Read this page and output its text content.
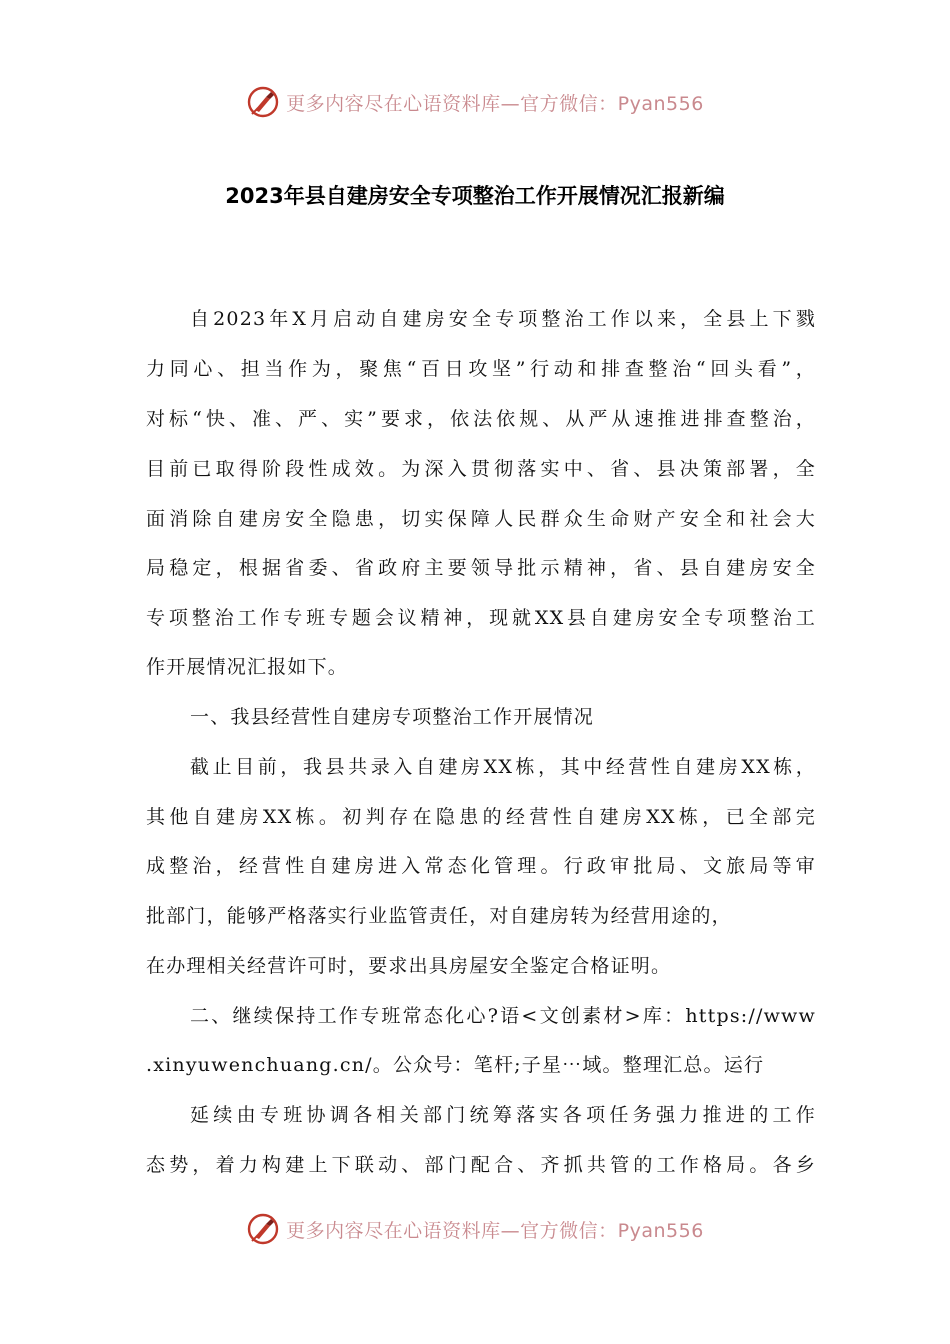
更多内容尽在心语资料库—官方微信：Pyan556
2023年县自建房安全专项整治工作开展情况汇报新编
自2023年X月启动自建房安全专项整治工作以来，全县上下戮
力同心、担当作为，聚焦“百日攻坚”行动和排查整治“回头看”，
对标“快、准、严、实”要求，依法依规、从严从速推进排查整治，
目前已取得阶段性成效。为深入贯彻落实中、省、县决策部署，全
面消除自建房安全隐患，切实保障人民群众生命财产安全和社会大
局稳定，根据省委、省政府主要领导批示精神，省、县自建房安全
专项整治工作专班专题会议精神，现就XX县自建房安全专项整治工
作开展情况汇报如下。
一、我县经营性自建房专项整治工作开展情况
截止目前，我县共录入自建房XX栋，其中经营性自建房XX栋，
其他自建房XX栋。初判存在隐患的经营性自建房XX栋，已全部完
成整治，经营性自建房进入常态化管理。行政审批局、文旅局等审
批部门，能够严格落实行业监管责任，对自建房转为经营用途的，
在办理相关经营许可时，要求出具房屋安全鉴定合格证明。
二、继续保持工作专班常态化心?语<文创素材>库：https://www
.xinyuwenchuang.cn/。公众号：笔杆;子星⋯域。整理汇总。运行
延续由专班协调各相关部门统筹落实各项任务强力推进的工作
态势，着力构建上下联动、部门配合、齐抓共管的工作格局。各乡
更多内容尽在心语资料库—官方微信：Pyan556
